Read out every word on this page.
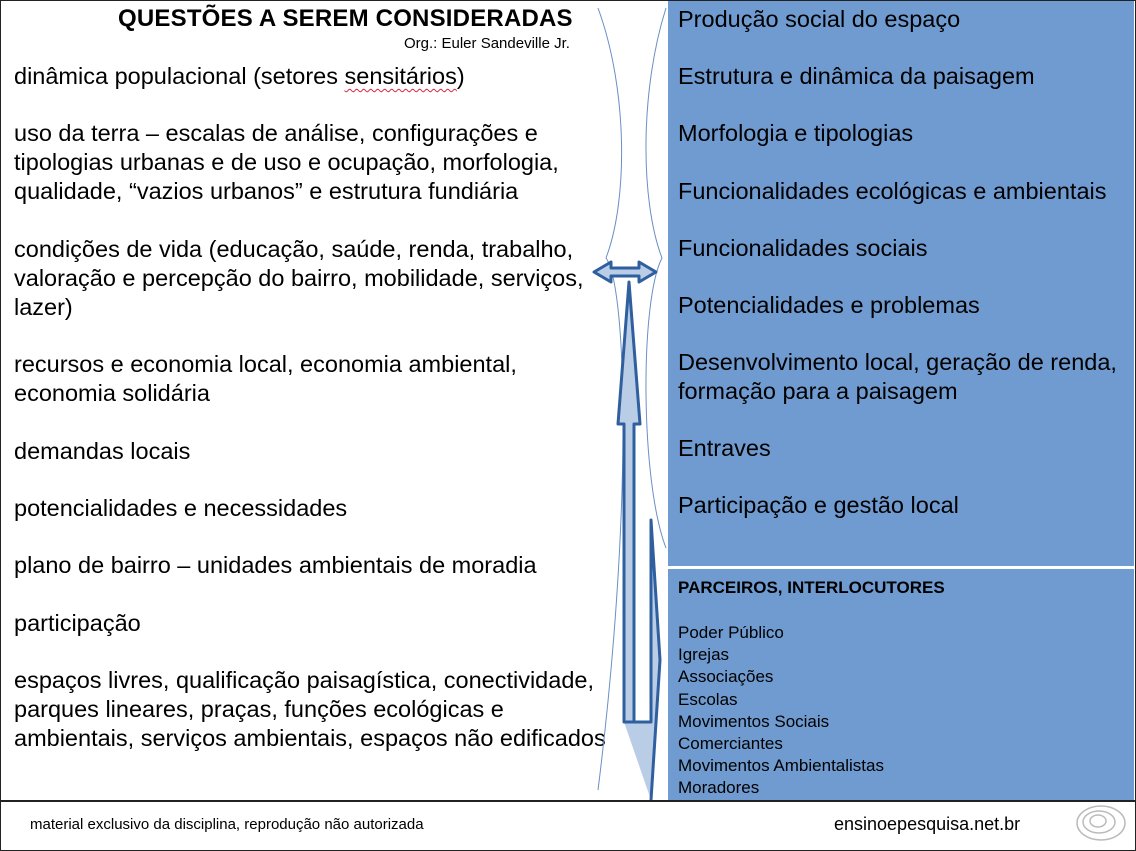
QUESTÕES A SEREM CONSIDERADAS
Org.: Euler Sandeville Jr.
dinâmica populacional (setores sensitários)
uso da terra – escalas de análise, configurações e tipologias urbanas e de uso e ocupação, morfologia, qualidade, “vazios urbanos” e estrutura fundiária
condições de vida (educação, saúde, renda, trabalho, valoração e percepção do bairro, mobilidade, serviços, lazer)
recursos e economia local, economia ambiental, economia solidária
demandas locais
potencialidades e necessidades
plano de bairro – unidades ambientais de moradia
participação
espaços livres, qualificação paisagística, conectividade, parques lineares, praças, funções ecológicas e ambientais, serviços ambientais, espaços não edificados
Produção social do espaço
Estrutura e dinâmica da paisagem
Morfologia e tipologias
Funcionalidades ecológicas e ambientais
Funcionalidades sociais
Potencialidades e problemas
Desenvolvimento local, geração de renda, formação para a paisagem
Entraves
Participação e gestão local
PARCEIROS, INTERLOCUTORES
Poder Público
Igrejas
Associações
Escolas
Movimentos Sociais
Comerciantes
Movimentos Ambientalistas
Moradores
material exclusivo da disciplina, reprodução não autorizada	ensinoepesquisa.net.br
